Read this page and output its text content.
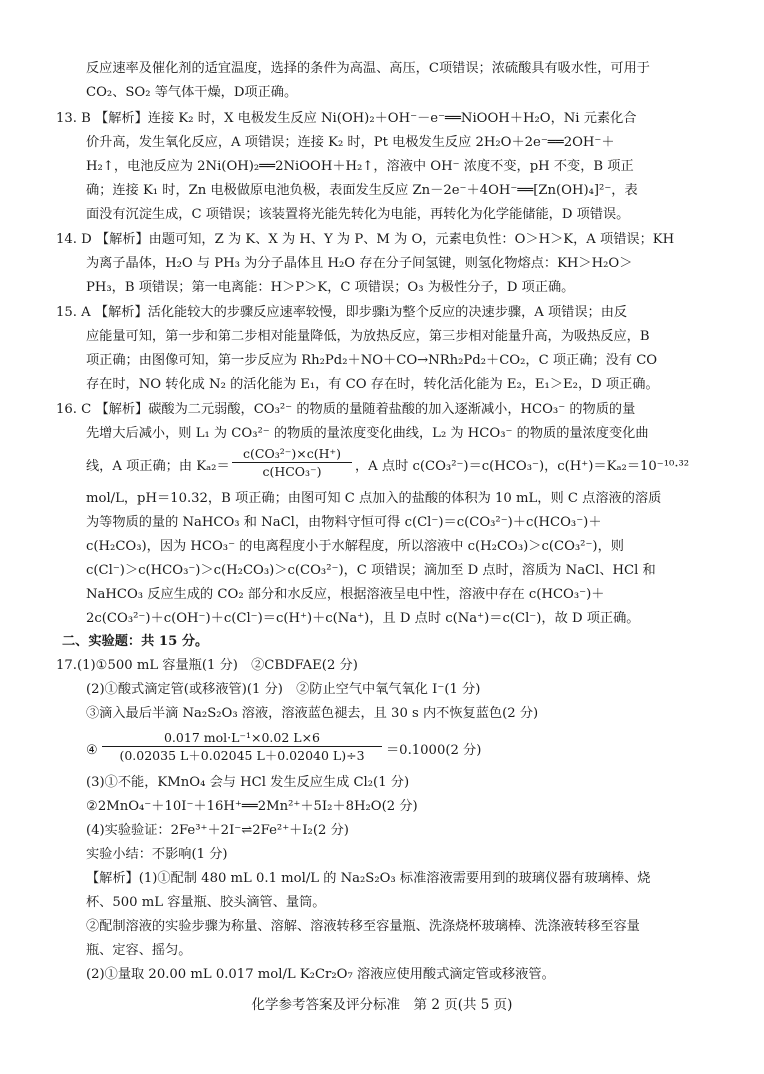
反应速率及催化剂的适宜温度，选择的条件为高温、高压，C项错误；浓硫酸具有吸水性，可用于
CO₂、SO₂ 等气体干燥，D项正确。
13. B 【解析】连接 K₂ 时，X 电极发生反应 Ni(OH)₂＋OH⁻－e⁻══NiOOH＋H₂O，Ni 元素化合
价升高，发生氧化反应，A 项错误；连接 K₂ 时，Pt 电极发生反应 2H₂O＋2e⁻══2OH⁻＋
H₂↑，电池反应为 2Ni(OH)₂══2NiOOH＋H₂↑，溶液中 OH⁻ 浓度不变，pH 不变，B 项正
确；连接 K₁ 时，Zn 电极做原电池负极，表面发生反应 Zn－2e⁻＋4OH⁻══[Zn(OH)₄]²⁻，表
面没有沉淀生成，C 项错误；该装置将光能先转化为电能，再转化为化学能储能，D 项错误。
14. D 【解析】由题可知，Z 为 K、X 为 H、Y 为 P、M 为 O，元素电负性：O＞H＞K，A 项错误；KH
为离子晶体，H₂O 与 PH₃ 为分子晶体且 H₂O 存在分子间氢键，则氢化物熔点：KH＞H₂O＞
PH₃，B 项错误；第一电离能：H＞P＞K，C 项错误；O₃ 为极性分子，D 项正确。
15. A 【解析】活化能较大的步骤反应速率较慢，即步骤ⅰ为整个反应的决速步骤，A 项错误；由反
应能量可知，第一步和第二步相对能量降低，为放热反应，第三步相对能量升高，为吸热反应，B
项正确；由图像可知，第一步反应为 Rh₂Pd₂＋NO＋CO→NRh₂Pd₂＋CO₂，C 项正确；没有 CO
存在时，NO 转化成 N₂ 的活化能为 E₁，有 CO 存在时，转化活化能为 E₂，E₁＞E₂，D 项正确。
16. C 【解析】碳酸为二元弱酸，CO₃²⁻ 的物质的量随着盐酸的加入逐渐减小，HCO₃⁻ 的物质的量
先增大后减小，则 L₁ 为 CO₃²⁻ 的物质的量浓度变化曲线，L₂ 为 HCO₃⁻ 的物质的量浓度变化曲
线，A 项正确；由 Kₐ₂＝
c(CO₃²⁻)×c(H⁺)
c(HCO₃⁻)	，A 点时 c(CO₃²⁻)＝c(HCO₃⁻)，c(H⁺)＝Kₐ₂＝10⁻¹⁰·³²
mol/L，pH＝10.32，B 项正确；由图可知 C 点加入的盐酸的体积为 10 mL，则 C 点溶液的溶质
为等物质的量的 NaHCO₃ 和 NaCl，由物料守恒可得 c(Cl⁻)＝c(CO₃²⁻)＋c(HCO₃⁻)＋
c(H₂CO₃)，因为 HCO₃⁻ 的电离程度小于水解程度，所以溶液中 c(H₂CO₃)＞c(CO₃²⁻)，则
c(Cl⁻)＞c(HCO₃⁻)＞c(H₂CO₃)＞c(CO₃²⁻)，C 项错误；滴加至 D 点时，溶质为 NaCl、HCl 和
NaHCO₃ 反应生成的 CO₂ 部分和水反应，根据溶液呈电中性，溶液中存在 c(HCO₃⁻)＋
2c(CO₃²⁻)＋c(OH⁻)＋c(Cl⁻)＝c(H⁺)＋c(Na⁺)，且 D 点时 c(Na⁺)＝c(Cl⁻)，故 D 项正确。
二、实验题：共 15 分。
17.(1)①500 mL 容量瓶(1 分)　②CBDFAE(2 分)
(2)①酸式滴定管(或移液管)(1 分)　②防止空气中氧气氧化 I⁻(1 分)
③滴入最后半滴 Na₂S₂O₃ 溶液，溶液蓝色褪去，且 30 s 内不恢复蓝色(2 分)
④
0.017 mol·L⁻¹×0.02 L×6
(0.02035 L＋0.02045 L＋0.02040 L)÷3	＝0.1000(2 分)
(3)①不能，KMnO₄ 会与 HCl 发生反应生成 Cl₂(1 分)
②2MnO₄⁻＋10I⁻＋16H⁺══2Mn²⁺＋5I₂＋8H₂O(2 分)
(4)实验验证：2Fe³⁺＋2I⁻⇌2Fe²⁺＋I₂(2 分)
实验小结：不影响(1 分)
【解析】(1)①配制 480 mL 0.1 mol/L 的 Na₂S₂O₃ 标准溶液需要用到的玻璃仪器有玻璃棒、烧
杯、500 mL 容量瓶、胶头滴管、量筒。
②配制溶液的实验步骤为称量、溶解、溶液转移至容量瓶、洗涤烧杯玻璃棒、洗涤液转移至容量
瓶、定容、摇匀。
(2)①量取 20.00 mL 0.017 mol/L K₂Cr₂O₇ 溶液应使用酸式滴定管或移液管。
化学参考答案及评分标准　第 2 页(共 5 页)
